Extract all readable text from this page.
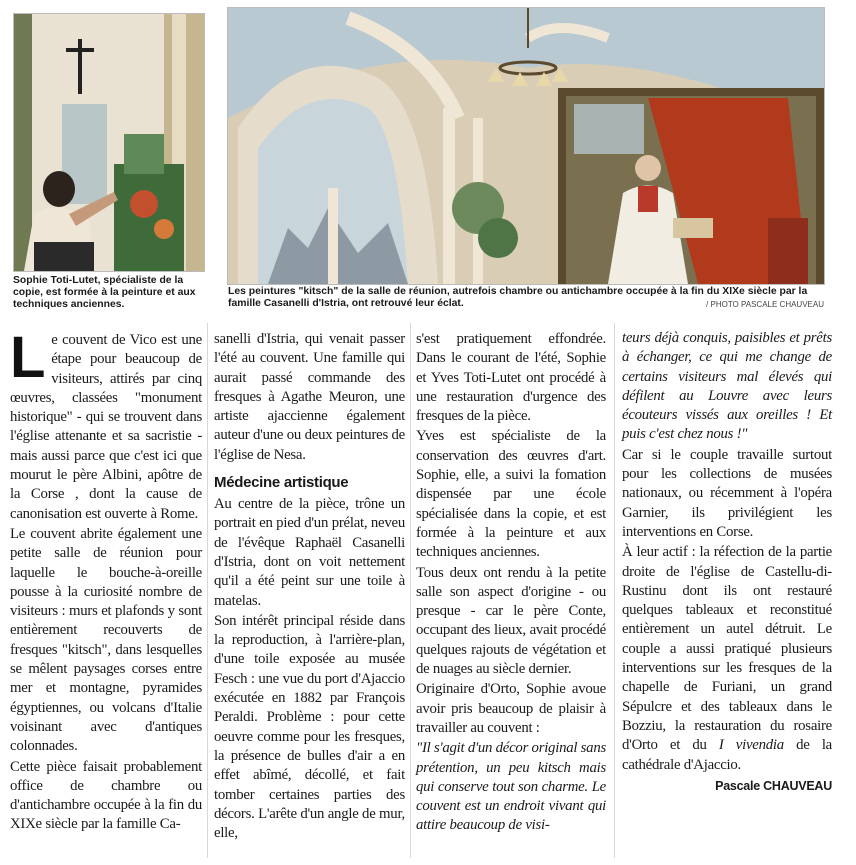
Sophie Toti-Lutet, spécialiste de la copie, est formée à la peinture et aux techniques anciennes.
Les peintures "kitsch" de la salle de réunion, autrefois chambre ou antichambre occupée à la fin du XIXe siècle par la famille Casanelli d'Istria, ont retrouvé leur éclat.	/ PHOTO PASCALE CHAUVEAU

Le couvent de Vico est une étape pour beaucoup de visiteurs, attirés par cinq œuvres, classées "monument historique" - qui se trouvent dans l'église attenante et sa sacristie - mais aussi parce que c'est ici que mourut le père Albini, apôtre de la Corse , dont la cause de canonisation est ouverte à Rome.

Le couvent abrite également une petite salle de réunion pour laquelle le bouche-à-oreille pousse à la curiosité nombre de visiteurs : murs et plafonds y sont entièrement recouverts de fresques "kitsch", dans lesquelles se mêlent paysages corses entre mer et montagne, pyramides égyptiennes, ou volcans d'Italie voisinant avec d'antiques colonnades.

Cette pièce faisait probablement office de chambre ou d'antichambre occupée à la fin du XIXe siècle par la famille Ca-

sanelli d'Istria, qui venait passer l'été au couvent. Une famille qui aurait passé commande des fresques à Agathe Meuron, une artiste ajaccienne également auteur d'une ou deux peintures de l'église de Nesa.

Médecine artistique

Au centre de la pièce, trône un portrait en pied d'un prélat, neveu de l'évêque Raphaël Casanelli d'Istria, dont on voit nettement qu'il a été peint sur une toile à matelas.

Son intérêt principal réside dans la reproduction, à l'arrière-plan, d'une toile exposée au musée Fesch : une vue du port d'Ajaccio exécutée en 1882 par François Peraldi. Problème : pour cette oeuvre comme pour les fresques, la présence de bulles d'air a en effet abîmé, décollé, et fait tomber certaines parties des décors. L'arête d'un angle de mur, elle,

s'est pratiquement effondrée. Dans le courant de l'été, Sophie et Yves Toti-Lutet ont procédé à une restauration d'urgence des fresques de la pièce.

Yves est spécialiste de la conservation des œuvres d'art. Sophie, elle, a suivi la fomation dispensée par une école spécialisée dans la copie, et est formée à la peinture et aux techniques anciennes.

Tous deux ont rendu à la petite salle son aspect d'origine - ou presque - car le père Conte, occupant des lieux, avait procédé quelques rajouts de végétation et de nuages au siècle dernier.

Originaire d'Orto, Sophie avoue avoir pris beaucoup de plaisir à travailler au couvent :

"Il s'agit d'un décor original sans prétention, un peu kitsch mais qui conserve tout son charme. Le couvent est un endroit vivant qui attire beaucoup de visi-

teurs déjà conquis, paisibles et prêts à échanger, ce qui me change de certains visiteurs mal élevés qui défilent au Louvre avec leurs écouteurs vissés aux oreilles ! Et puis c'est chez nous !"

Car si le couple travaille surtout pour les collections de musées nationaux, ou récemment à l'opéra Garnier, ils privilégient les interventions en Corse.

À leur actif : la réfection de la partie droite de l'église de Castellu-di-Rustinu dont ils ont restauré quelques tableaux et reconstitué entièrement un autel détruit. Le couple a aussi pratiqué plusieurs interventions sur les fresques de la chapelle de Furiani, un grand Sépulcre et des tableaux dans le Bozziu, la restauration du rosaire d'Orto et du I vivendia de la cathédrale d'Ajaccio.

Pascale CHAUVEAU
